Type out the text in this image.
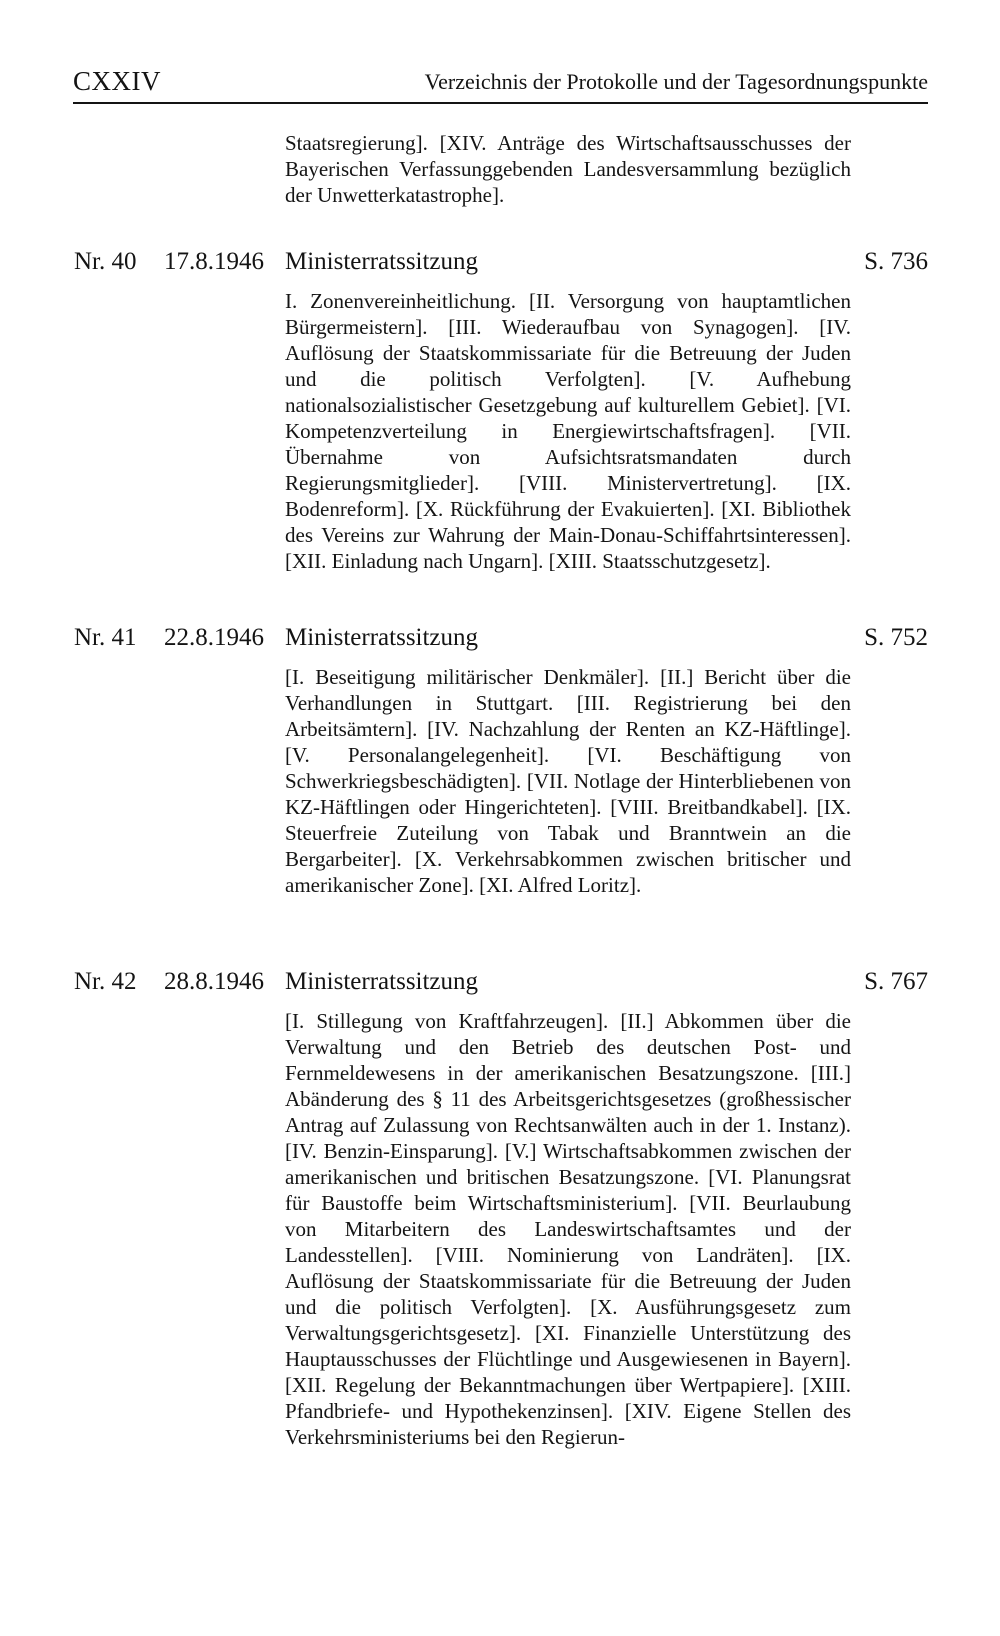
CXXIV	Verzeichnis der Protokolle und der Tagesordnungspunkte
Staatsregierung]. [XIV. Anträge des Wirtschaftsausschusses der Bayerischen Verfassunggebenden Landesversammlung bezüglich der Unwetterkatastrophe].
Nr. 40 17.8.1946 Ministerratssitzung	S. 736
I. Zonenvereinheitlichung. [II. Versorgung von hauptamtlichen Bürgermeistern]. [III. Wiederaufbau von Synagogen]. [IV. Auflösung der Staatskommissariate für die Betreuung der Juden und die politisch Verfolgten]. [V. Aufhebung nationalsozialistischer Gesetzgebung auf kulturellem Gebiet]. [VI. Kompetenzverteilung in Energiewirtschaftsfragen]. [VII. Übernahme von Aufsichtsratsmandaten durch Regierungsmitglieder]. [VIII. Ministervertretung]. [IX. Bodenreform]. [X. Rückführung der Evakuierten]. [XI. Bibliothek des Vereins zur Wahrung der Main-Donau-Schiffahrtsinteressen]. [XII. Einladung nach Ungarn]. [XIII. Staatsschutzgesetz].
Nr. 41 22.8.1946 Ministerratssitzung	S. 752
[I. Beseitigung militärischer Denkmäler]. [II.] Bericht über die Verhandlungen in Stuttgart. [III. Registrierung bei den Arbeitsämtern]. [IV. Nachzahlung der Renten an KZ-Häftlinge]. [V. Personalangelegenheit]. [VI. Beschäftigung von Schwerkriegsbeschädigten]. [VII. Notlage der Hinterbliebenen von KZ-Häftlingen oder Hingerichteten]. [VIII. Breitbandkabel]. [IX. Steuerfreie Zuteilung von Tabak und Branntwein an die Bergarbeiter]. [X. Verkehrsabkommen zwischen britischer und amerikanischer Zone]. [XI. Alfred Loritz].
Nr. 42 28.8.1946 Ministerratssitzung	S. 767
[I. Stillegung von Kraftfahrzeugen]. [II.] Abkommen über die Verwaltung und den Betrieb des deutschen Post- und Fernmeldewesens in der amerikanischen Besatzungszone. [III.] Abänderung des § 11 des Arbeitsgerichtsgesetzes (großhessischer Antrag auf Zulassung von Rechtsanwälten auch in der 1. Instanz). [IV. Benzin-Einsparung]. [V.] Wirtschaftsabkommen zwischen der amerikanischen und britischen Besatzungszone. [VI. Planungsrat für Baustoffe beim Wirtschaftsministerium]. [VII. Beurlaubung von Mitarbeitern des Landeswirtschaftsamtes und der Landesstellen]. [VIII. Nominierung von Landräten]. [IX. Auflösung der Staatskommissariate für die Betreuung der Juden und die politisch Verfolgten]. [X. Ausführungsgesetz zum Verwaltungsgerichtsgesetz]. [XI. Finanzielle Unterstützung des Hauptausschusses der Flüchtlinge und Ausgewiesenen in Bayern]. [XII. Regelung der Bekanntmachungen über Wertpapiere]. [XIII. Pfandbriefe- und Hypothekenzinsen]. [XIV. Eigene Stellen des Verkehrsministeriums bei den Regierun-
